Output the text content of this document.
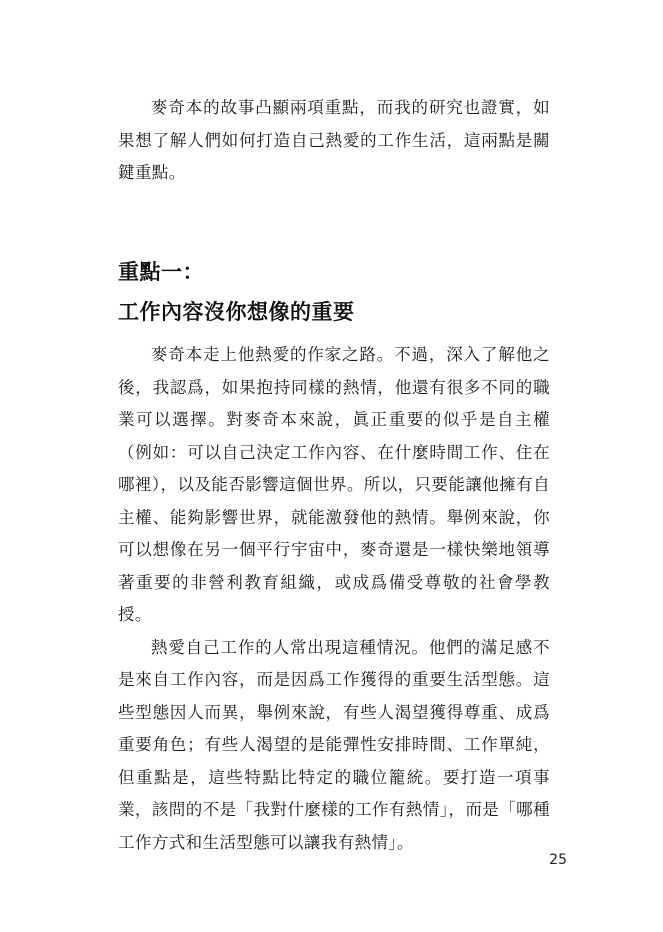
麥奇本的故事凸顯兩項重點，而我的研究也證實，如果想了解人們如何打造自己熱愛的工作生活，這兩點是關鍵重點。

重點一：
工作內容沒你想像的重要

麥奇本走上他熱愛的作家之路。不過，深入了解他之後，我認爲，如果抱持同樣的熱情，他還有很多不同的職業可以選擇。對麥奇本來說，眞正重要的似乎是自主權（例如：可以自己決定工作內容、在什麼時間工作、住在哪裡），以及能否影響這個世界。所以，只要能讓他擁有自主權、能夠影響世界，就能激發他的熱情。舉例來說，你可以想像在另一個平行宇宙中，麥奇還是一樣快樂地領導著重要的非營利教育組織，或成爲備受尊敬的社會學教授。

熱愛自己工作的人常出現這種情況。他們的滿足感不是來自工作內容，而是因爲工作獲得的重要生活型態。這些型態因人而異，舉例來說，有些人渴望獲得尊重、成爲重要角色；有些人渴望的是能彈性安排時間、工作單純，但重點是，這些特點比特定的職位籠統。要打造一項事業，該問的不是「我對什麼樣的工作有熱情」，而是「哪種工作方式和生活型態可以讓我有熱情」。

25
